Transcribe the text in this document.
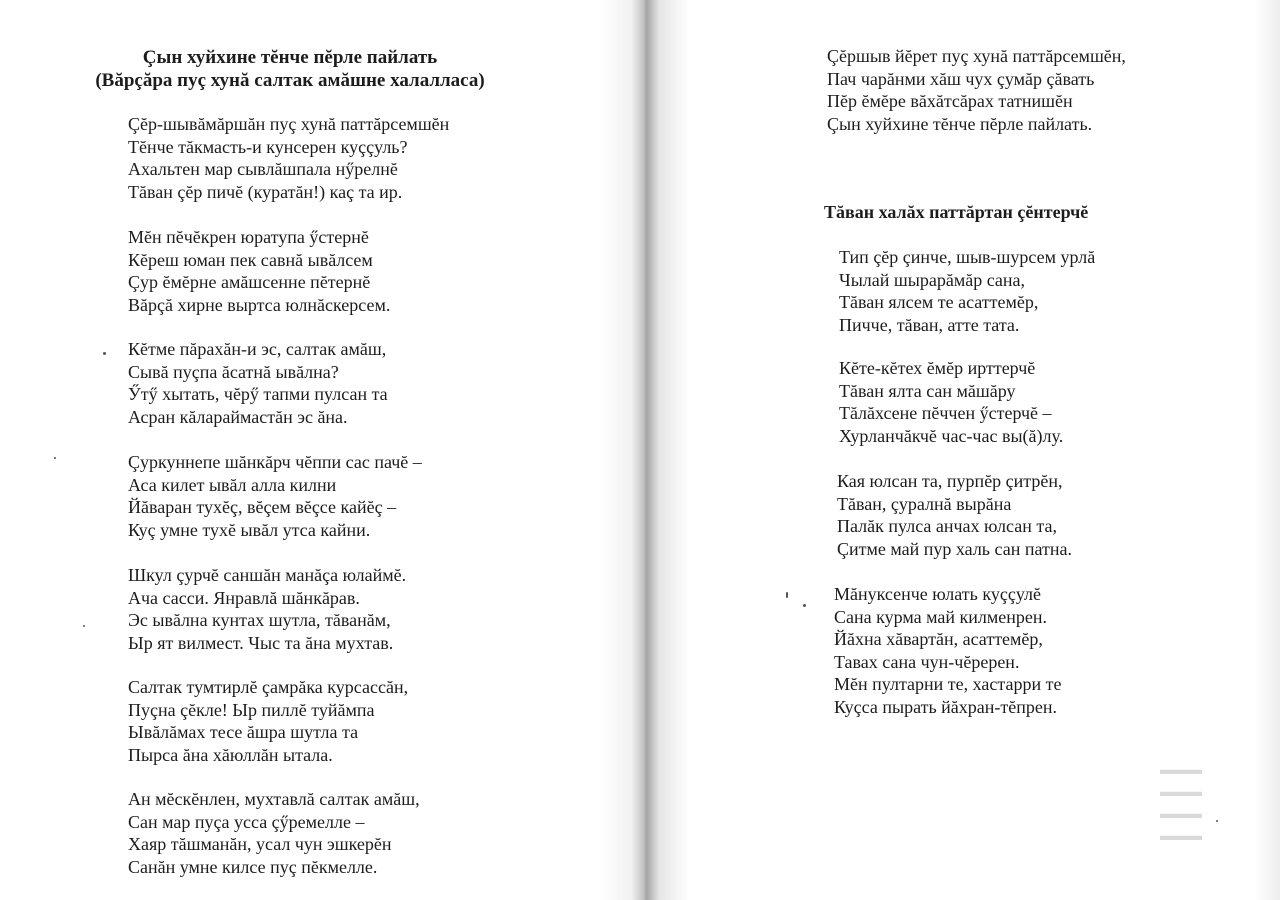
Çын хуйхине тĕнче пĕрле пайлать
(Вăрçăра пуç хунă салтак амăшне халалласа)
Çĕр-шывăмăршăн пуç хунă паттăрсемшĕн
Тĕнче тăкмасть-и кунсерен куççуль?
Ахальтен мар сывлăшпала нӳрелнĕ
Тăван çĕр пичĕ (куратăн!) каç та ир.
Мĕн пĕчĕкрен юратупа ӳстернĕ
Кĕреш юман пек савнă ывăлсем
Çур ĕмĕрне амăшсенне пĕтернĕ
Вăрçă хирне выртса юлнăскерсем.
Кĕтме пăрахăн-и эс, салтак амăш,
Сывă пуçпа ăсатнă ывăлна?
Ӳтӳ хытать, чĕрӳ тапми пулсан та
Асран кăлараймастăн эс ăна.
Çуркуннепе шăнкăрч чĕппи сас пачĕ –
Аса килет ывăл алла килни
Йăваран тухĕç, вĕçем вĕçсе кайĕç –
Куç умне тухĕ ывăл утса кайни.
Шкул çурчĕ саншăн манăçа юлаймĕ.
Ача сасси. Янравлă шăнкăрав.
Эс ывăлна кунтах шутла, тăванăм,
Ыр ят вилмест. Чыс та ăна мухтав.
Салтак тумтирлĕ çамрăка курсассăн,
Пуçна çĕкле! Ыр пиллĕ туйăмпа
Ывăлăмах тесе ăшра шутла та
Пырса ăна хăюллăн ытала.
Ан мĕскĕнлен, мухтавлă салтак амăш,
Сан мар пуçа усса çӳремелле –
Хаяр тăшманăн, усал чун эшкерĕн
Санăн умне килсе пуç пĕкмелле.
Çĕршыв йĕрет пуç хунă паттăрсемшĕн,
Пач чарăнми хăш чух çумăр çăвать
Пĕр ĕмĕре вăхăтсăрах татнишĕн
Çын хуйхине тĕнче пĕрле пайлать.
▬▬▬
▬▬▬
▬▬▬
▬▬▬
Тăван халăх паттăртан çĕнтерчĕ
Тип çĕр çинче, шыв-шурсем урлă
Чылай шырарăмăр сана,
Тăван ялсем те асаттемĕр,
Пичче, тăван, атте тата.
Кĕте-кĕтех ĕмĕр ирттерчĕ
Тăван ялта сан мăшăру
Тăлăхсене пĕччен ӳстерчĕ –
Хурланчăкчĕ час-час вы(ă)лу.
Кая юлсан та, пурпĕр çитрĕн,
Тăван, çуралнă вырăна
Палăк пулса анчах юлсан та,
Çитме май пур халь сан патна.
Мăнуксенче юлать куççулĕ
Сана курма май килменрен.
Йăхна хăвартăн, асаттемĕр,
Тавах сана чун-чĕререн.
Мĕн пултарни те, хастарри те
Куçса пырать йăхран-тĕпрен.
